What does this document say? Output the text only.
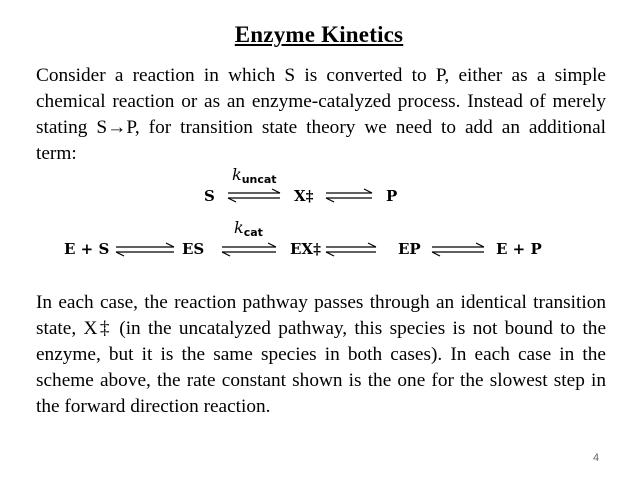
Enzyme Kinetics
Consider a reaction in which S is converted to P, either as a simple chemical reaction or as an enzyme-catalyzed process. Instead of merely stating S→P, for transition state theory we need to add an additional term:
S
kuncat
⇌ X‡ ⇌ P
E + S ⇌ ES
kcat
⇌ EX‡ ⇌ EP ⇌ E + P
In each case, the reaction pathway passes through an identical transition state, X‡ (in the uncatalyzed pathway, this species is not bound to the enzyme, but it is the same species in both cases). In each case in the scheme above, the rate constant shown is the one for the slowest step in the forward direction reaction.
4
